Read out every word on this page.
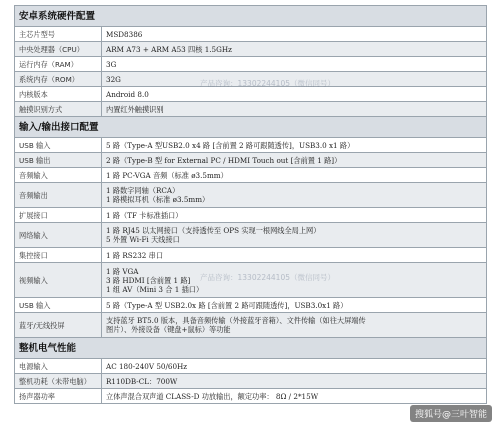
安卓系统硬件配置	
主芯片型号	MSD8386
中央处理器（CPU）	ARM A73 + ARM A53 四核 1.5GHz
运行内存（RAM）	3G
系统内存（ROM）	32G
内核版本	Android 8.0
触摸识别方式	内置红外触摸识别
输入/输出接口配置	
USB 输入	5 路（Type-A 型USB2.0 x4 路 [含前置 2 路可跟随透传]，USB3.0 x1 路）
USB 输出	2 路（Type-B 型 for External PC / HDMI Touch out [含前置 1 路]）
音频输入	1 路 PC-VGA 音频（标准 ø3.5mm）
音频输出	1 路数字同轴（RCA）
1 路模拟耳机（标准 ø3.5mm）

扩展接口	1 路（TF 卡标准插口）
网络输入	1 路 RJ45 以太网接口（支持透传至 OPS 实现一根网线全局上网）
5 外置 Wi-Fi 天线接口

集控接口	1 路 RS232 串口
视频输入	1 路 VGA
3 路 HDMI [含前置 1 路]
1 组 AV（Mini 3 合 1 插口）

USB 输入	5 路（Type-A 型 USB2.0x 路 [含前置 2 路可跟随透传]，USB3.0x1 路）
蓝牙/无线投屏	支持蓝牙 BT5.0 版本，具备音频传输（外接蓝牙音箱）、文件传输（如往大屏端传
图片）、外接设备（键盘+鼠标）等功能

整机电气性能	
电源输入	AC 180-240V 50/60Hz
整机功耗（未带电脑）	R110DB-CL：700W
扬声器功率	立体声混合双声道 CLASS-D 功放输出，额定功率： 8Ω / 2*15W
产品咨询：13302244105（微信同号）
产品咨询：13302244105（微信同号）
搜狐号@三叶智能
